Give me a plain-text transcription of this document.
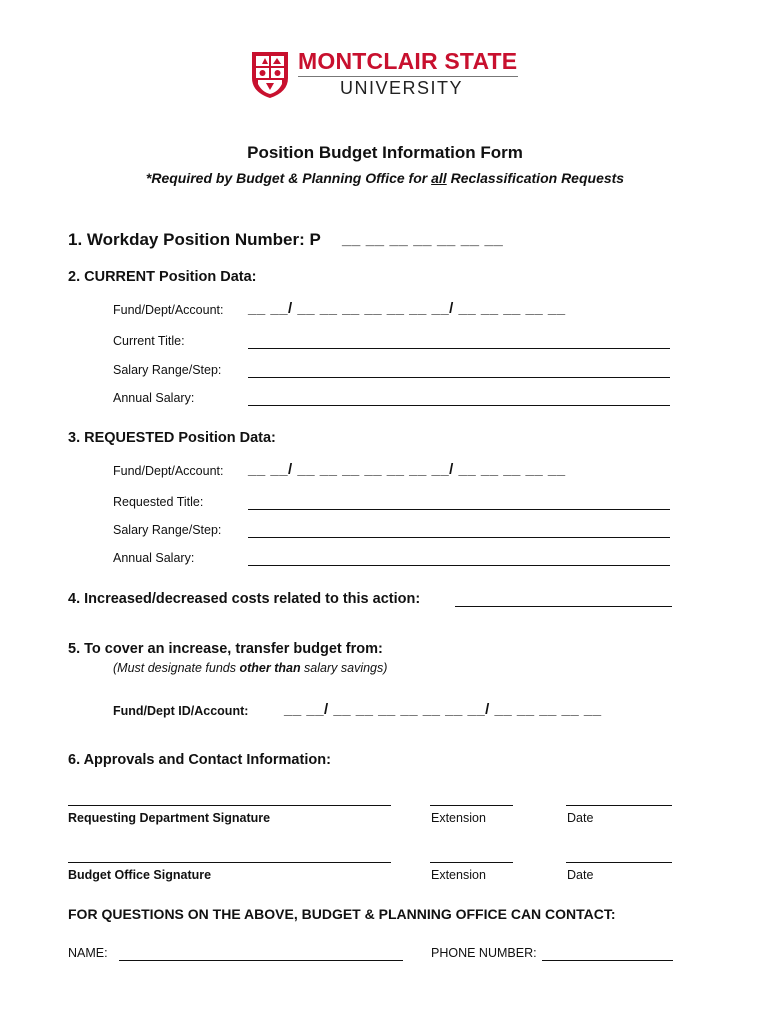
MONTCLAIR STATE
UNIVERSITY
Position Budget Information Form
*Required by Budget & Planning Office for all Reclassification Requests
1. Workday Position Number: P __ __ __ __ __ __ __
2. CURRENT Position Data:
Fund/Dept/Account: __ __/ __ __ __ __ __ __ __/ __ __ __ __ __
Current Title:
Salary Range/Step:
Annual Salary:
3. REQUESTED Position Data:
Fund/Dept/Account: __ __/ __ __ __ __ __ __ __/ __ __ __ __ __
Requested Title:
Salary Range/Step:
Annual Salary:
4. Increased/decreased costs related to this action:
5. To cover an increase, transfer budget from:
(Must designate funds other than salary savings)
Fund/Dept ID/Account: __ __/ __ __ __ __ __ __ __/ __ __ __ __ __
6. Approvals and Contact Information:
Requesting Department Signature	Extension	Date
Budget Office Signature	Extension	Date
FOR QUESTIONS ON THE ABOVE, BUDGET & PLANNING OFFICE CAN CONTACT:
NAME:	PHONE NUMBER:
